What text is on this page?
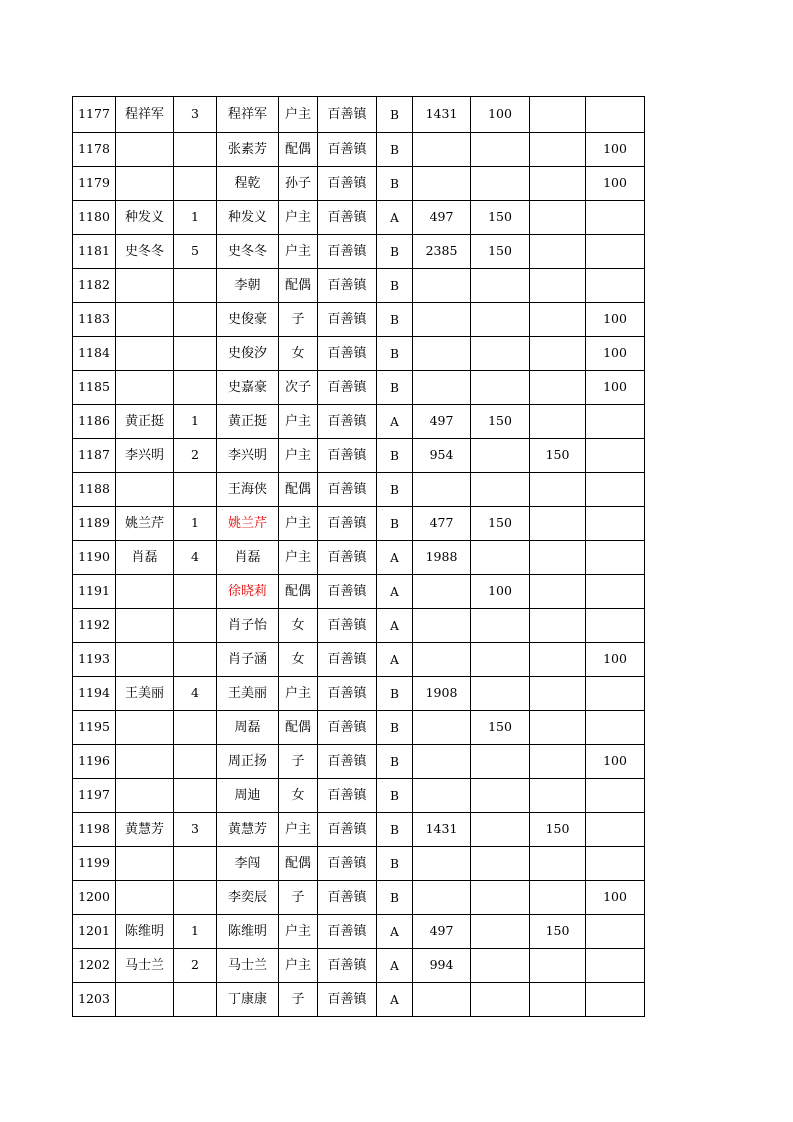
1177	程祥军	3	程祥军	户主	百善镇	B	1431	100		
1178			张素芳	配偶	百善镇	B				100
1179			程乾	孙子	百善镇	B				100
1180	种发义	1	种发义	户主	百善镇	A	497	150		
1181	史冬冬	5	史冬冬	户主	百善镇	B	2385	150		
1182			李朝	配偶	百善镇	B				
1183			史俊豪	子	百善镇	B				100
1184			史俊汐	女	百善镇	B				100
1185			史嘉豪	次子	百善镇	B				100
1186	黄正挺	1	黄正挺	户主	百善镇	A	497	150		
1187	李兴明	2	李兴明	户主	百善镇	B	954		150	
1188			王海侠	配偶	百善镇	B				
1189	姚兰芹	1	姚兰芹	户主	百善镇	B	477	150		
1190	肖磊	4	肖磊	户主	百善镇	A	1988			
1191			徐晓莉	配偶	百善镇	A		100		
1192			肖子怡	女	百善镇	A				
1193			肖子涵	女	百善镇	A				100
1194	王美丽	4	王美丽	户主	百善镇	B	1908			
1195			周磊	配偶	百善镇	B		150		
1196			周正扬	子	百善镇	B				100
1197			周迪	女	百善镇	B				
1198	黄慧芳	3	黄慧芳	户主	百善镇	B	1431		150	
1199			李闯	配偶	百善镇	B				
1200			李奕辰	子	百善镇	B				100
1201	陈维明	1	陈维明	户主	百善镇	A	497		150	
1202	马士兰	2	马士兰	户主	百善镇	A	994			
1203			丁康康	子	百善镇	A				
